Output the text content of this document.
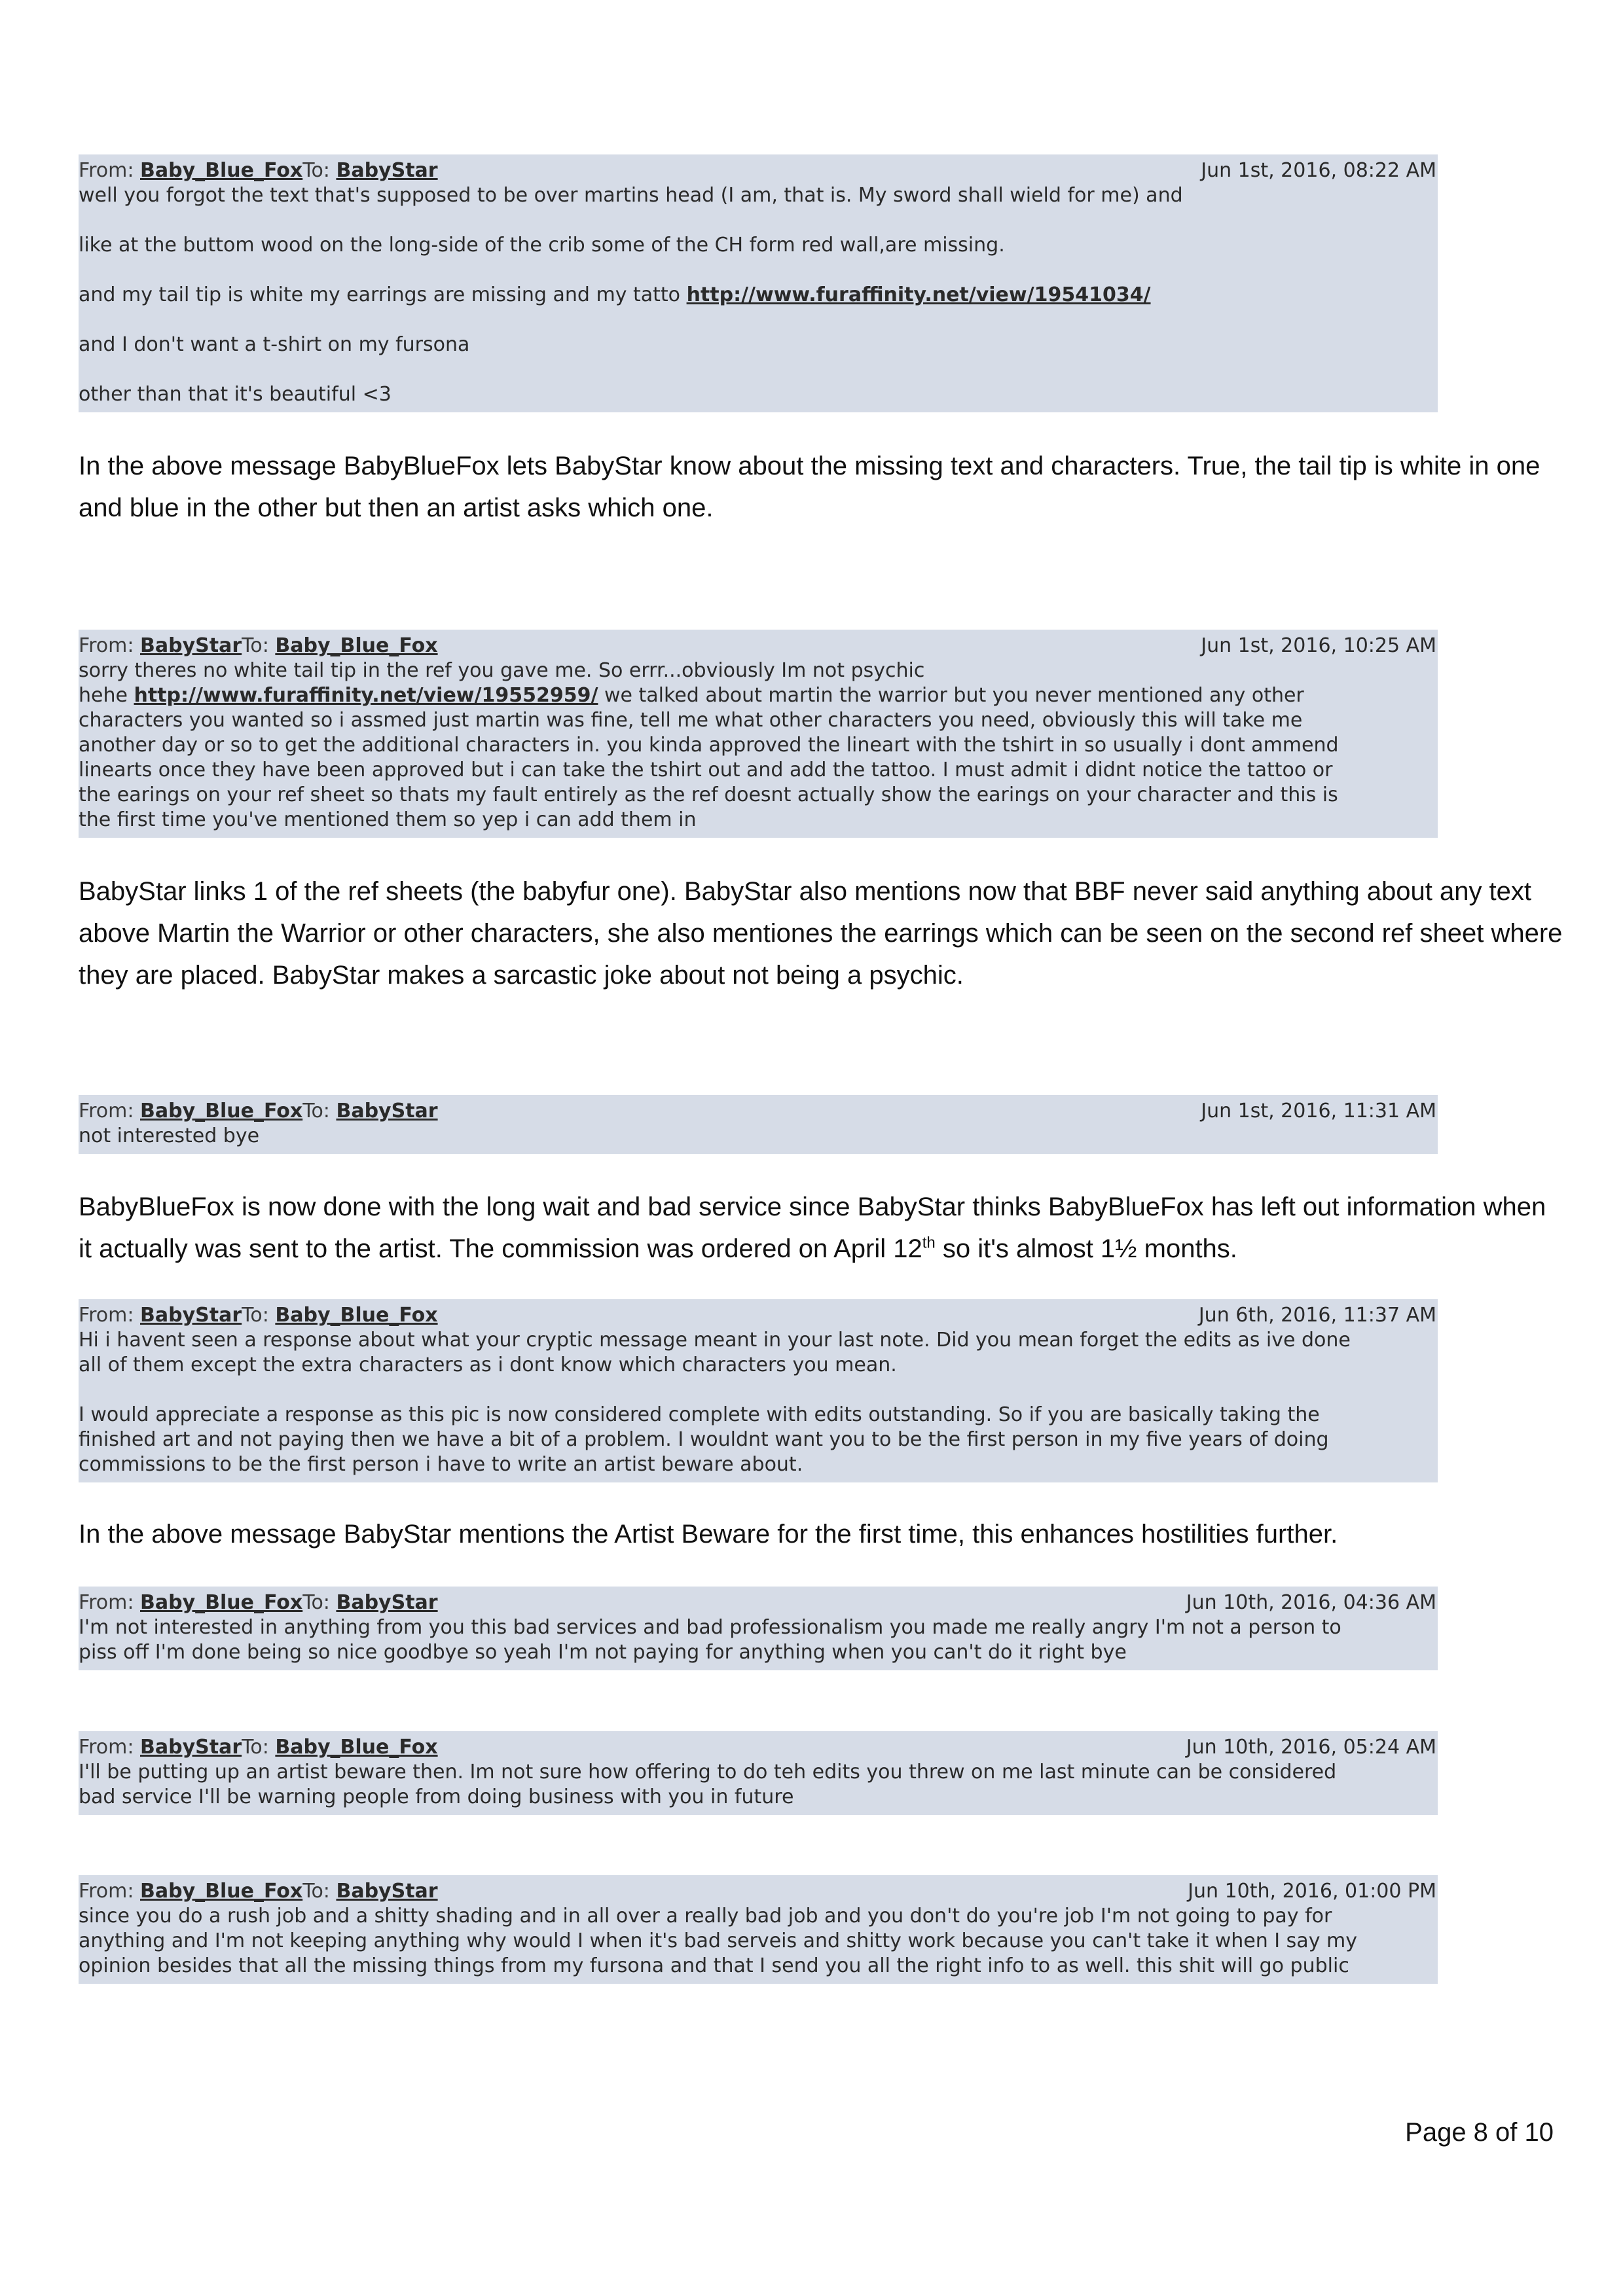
From: Baby_Blue_FoxTo: BabyStar	Jun 1st, 2016, 08:22 AM

well you forgot the text that's supposed to be over martins head (I am, that is. My sword shall wield for me) and

like at the buttom wood on the long-side of the crib some of the CH form red wall,are missing.

and my tail tip is white my earrings are missing and my tatto http://www.furaffinity.net/view/19541034/

and I don't want a t-shirt on my fursona

other than that it's beautiful <3

In the above message BabyBlueFox lets BabyStar know about the missing text and characters. True, the tail tip is white in one and blue in the other but then an artist asks which one.

From: BabyStarTo: Baby_Blue_Fox	Jun 1st, 2016, 10:25 AM

sorry theres no white tail tip in the ref you gave me. So errr...obviously Im not psychic

hehe http://www.furaffinity.net/view/19552959/ we talked about martin the warrior but you never mentioned any other

characters you wanted so i assmed just martin was fine, tell me what other characters you need, obviously this will take me

another day or so to get the additional characters in. you kinda approved the lineart with the tshirt in so usually i dont ammend

linearts once they have been approved but i can take the tshirt out and add the tattoo. I must admit i didnt notice the tattoo or

the earings on your ref sheet so thats my fault entirely as the ref doesnt actually show the earings on your character and this is

the first time you've mentioned them so yep i can add them in

BabyStar links 1 of the ref sheets (the babyfur one). BabyStar also mentions now that BBF never said anything about any text above Martin the Warrior or other characters, she also mentiones the earrings which can be seen on the second ref sheet where they are placed. BabyStar makes a sarcastic joke about not being a psychic.

From: Baby_Blue_FoxTo: BabyStar	Jun 1st, 2016, 11:31 AM

not interested bye

BabyBlueFox is now done with the long wait and bad service since BabyStar thinks BabyBlueFox has left out information when it actually was sent to the artist. The commission was ordered on April 12th so it's almost 1½ months.

From: BabyStarTo: Baby_Blue_Fox	Jun 6th, 2016, 11:37 AM

Hi i havent seen a response about what your cryptic message meant in your last note. Did you mean forget the edits as ive done

all of them except the extra characters as i dont know which characters you mean.

I would appreciate a response as this pic is now considered complete with edits outstanding. So if you are basically taking the

finished art and not paying then we have a bit of a problem. I wouldnt want you to be the first person in my five years of doing

commissions to be the first person i have to write an artist beware about.

In the above message BabyStar mentions the Artist Beware for the first time, this enhances hostilities further.

From: Baby_Blue_FoxTo: BabyStar	Jun 10th, 2016, 04:36 AM

I'm not interested in anything from you this bad services and bad professionalism you made me really angry I'm not a person to

piss off I'm done being so nice goodbye so yeah I'm not paying for anything when you can't do it right bye

From: BabyStarTo: Baby_Blue_Fox	Jun 10th, 2016, 05:24 AM

I'll be putting up an artist beware then. Im not sure how offering to do teh edits you threw on me last minute can be considered

bad service I'll be warning people from doing business with you in future

From: Baby_Blue_FoxTo: BabyStar	Jun 10th, 2016, 01:00 PM

since you do a rush job and a shitty shading and in all over a really bad job and you don't do you're job I'm not going to pay for

anything and I'm not keeping anything why would I when it's bad serveis and shitty work because you can't take it when I say my

opinion besides that all the missing things from my fursona and that I send you all the right info to as well. this shit will go public

Page 8 of 10
